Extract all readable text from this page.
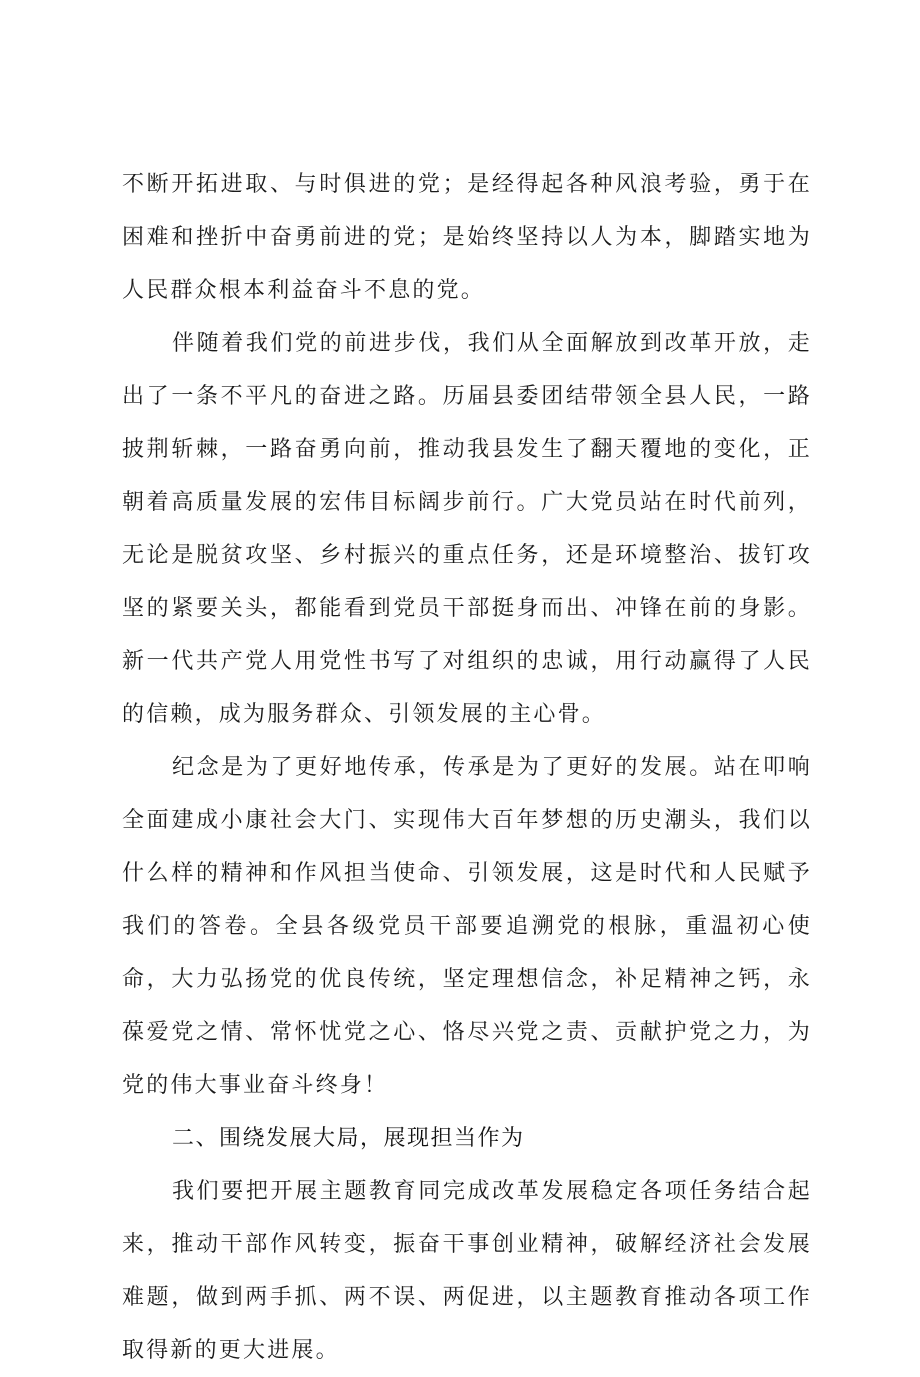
不断开拓进取、与时俱进的党；是经得起各种风浪考验，勇于在困难和挫折中奋勇前进的党；是始终坚持以人为本，脚踏实地为人民群众根本利益奋斗不息的党。

伴随着我们党的前进步伐，我们从全面解放到改革开放，走出了一条不平凡的奋进之路。历届县委团结带领全县人民，一路披荆斩棘，一路奋勇向前，推动我县发生了翻天覆地的变化，正朝着高质量发展的宏伟目标阔步前行。广大党员站在时代前列，无论是脱贫攻坚、乡村振兴的重点任务，还是环境整治、拔钉攻坚的紧要关头，都能看到党员干部挺身而出、冲锋在前的身影。新一代共产党人用党性书写了对组织的忠诚，用行动赢得了人民的信赖，成为服务群众、引领发展的主心骨。

纪念是为了更好地传承，传承是为了更好的发展。站在叩响全面建成小康社会大门、实现伟大百年梦想的历史潮头，我们以什么样的精神和作风担当使命、引领发展，这是时代和人民赋予我们的答卷。全县各级党员干部要追溯党的根脉，重温初心使命，大力弘扬党的优良传统，坚定理想信念，补足精神之钙，永葆爱党之情、常怀忧党之心、恪尽兴党之责、贡献护党之力，为党的伟大事业奋斗终身！

二、围绕发展大局，展现担当作为

我们要把开展主题教育同完成改革发展稳定各项任务结合起来，推动干部作风转变，振奋干事创业精神，破解经济社会发展难题，做到两手抓、两不误、两促进，以主题教育推动各项工作取得新的更大进展。
